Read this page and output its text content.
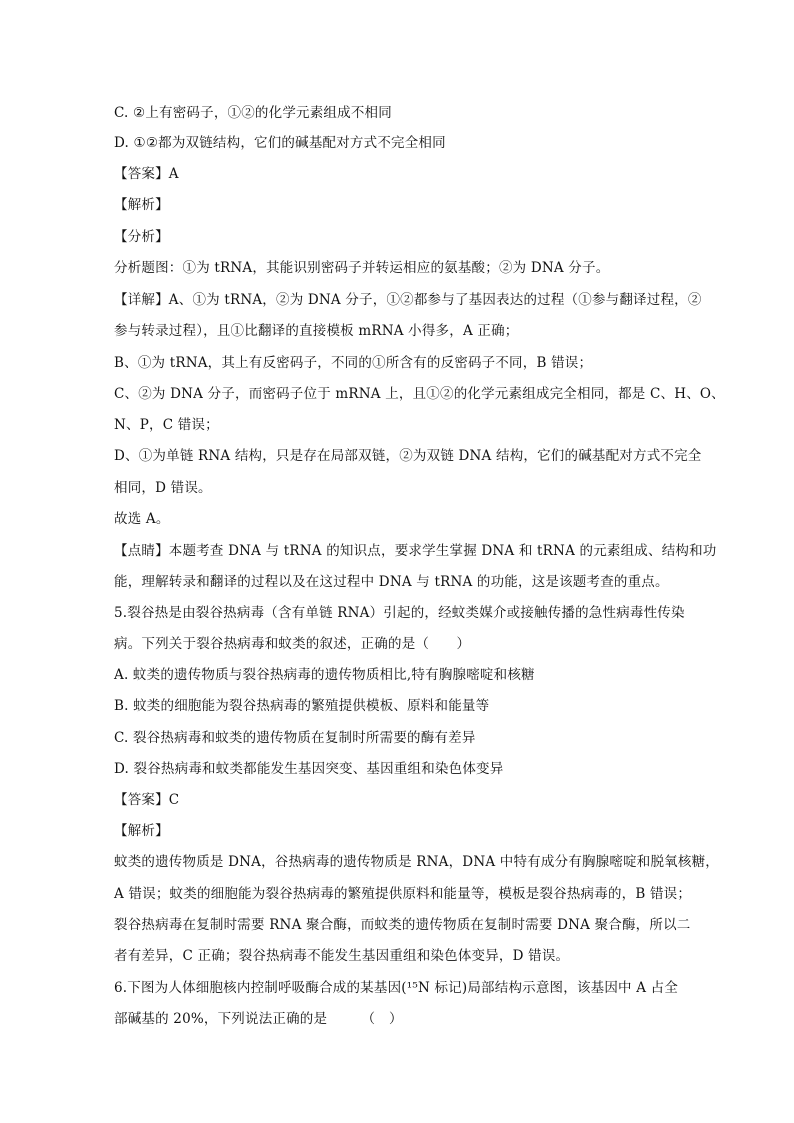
C. ②上有密码子，①②的化学元素组成不相同
D. ①②都为双链结构，它们的碱基配对方式不完全相同
【答案】A
【解析】
【分析】
分析题图：①为 tRNA，其能识别密码子并转运相应的氨基酸；②为 DNA 分子。
【详解】A、①为 tRNA，②为 DNA 分子，①②都参与了基因表达的过程（①参与翻译过程，②
参与转录过程），且①比翻译的直接模板 mRNA 小得多，A 正确；
B、①为 tRNA，其上有反密码子，不同的①所含有的反密码子不同，B 错误；
C、②为 DNA 分子，而密码子位于 mRNA 上，且①②的化学元素组成完全相同，都是 C、H、O、
N、P，C 错误；
D、①为单链 RNA 结构，只是存在局部双链，②为双链 DNA 结构，它们的碱基配对方式不完全
相同，D 错误。
故选 A。
【点睛】本题考查 DNA 与 tRNA 的知识点，要求学生掌握 DNA 和 tRNA 的元素组成、结构和功
能，理解转录和翻译的过程以及在这过程中 DNA 与 tRNA 的功能，这是该题考查的重点。
5.裂谷热是由裂谷热病毒（含有单链 RNA）引起的，经蚊类媒介或接触传播的急性病毒性传染
病。下列关于裂谷热病毒和蚊类的叙述，正确的是（　　）
A. 蚊类的遗传物质与裂谷热病毒的遗传物质相比,特有胸腺嘧啶和核糖
B. 蚊类的细胞能为裂谷热病毒的繁殖提供模板、原料和能量等
C. 裂谷热病毒和蚊类的遗传物质在复制时所需要的酶有差异
D. 裂谷热病毒和蚊类都能发生基因突变、基因重组和染色体变异
【答案】C
【解析】
蚊类的遗传物质是 DNA，谷热病毒的遗传物质是 RNA，DNA 中特有成分有胸腺嘧啶和脱氧核糖，
A 错误；蚊类的细胞能为裂谷热病毒的繁殖提供原料和能量等，模板是裂谷热病毒的，B 错误；
裂谷热病毒在复制时需要 RNA 聚合酶，而蚊类的遗传物质在复制时需要 DNA 聚合酶，所以二
者有差异，C 正确；裂谷热病毒不能发生基因重组和染色体变异，D 错误。
6.下图为人体细胞核内控制呼吸酶合成的某基因(¹⁵N 标记)局部结构示意图，该基因中 A 占全
部碱基的 20%，下列说法正确的是　　　（　）
